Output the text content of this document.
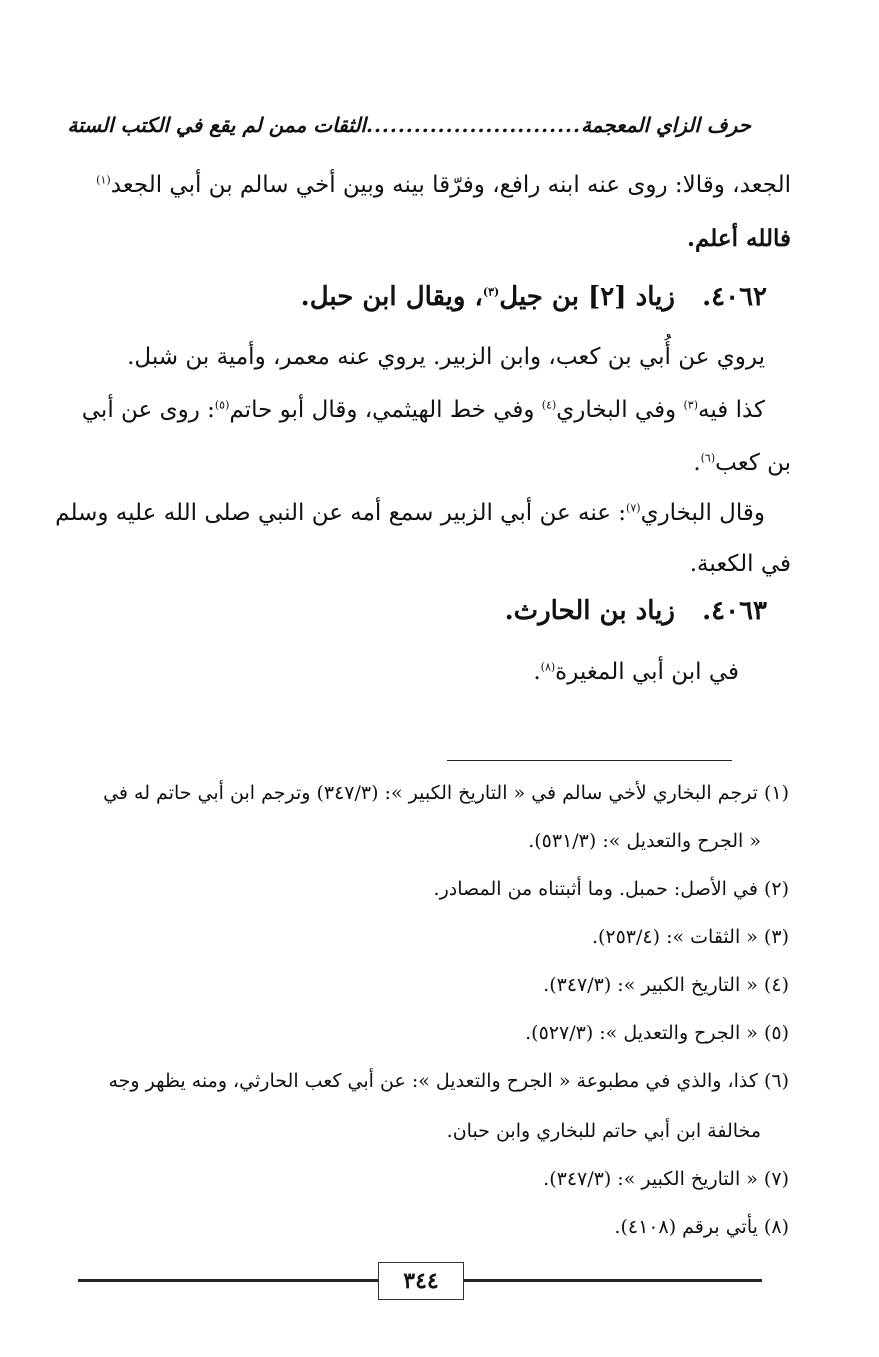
حرف الزاي المعجمة
...........................
الثقات ممن لم يقع في الكتب الستة
الجعد، وقالا: روى عنه ابنه رافع، وفرّقا بينه وبين أخي سالم بن أبي الجعد$^{(١)}$
فالله أعلم.
٤٠٦٢.   زياد [٢] بن جيل$^{(٣)}$، ويقال ابن حبل.
يروي عن أُبي بن كعب، وابن الزبير. يروي عنه معمر، وأمية بن شبل.
كذا فيه$^{(٣)}$ وفي البخاري$^{(٤)}$ وفي خط الهيثمي، وقال أبو حاتم$^{(٥)}$: روى عن أبي
بن كعب$^{(٦)}$.
وقال البخاري$^{(٧)}$: عنه عن أبي الزبير سمع أمه عن النبي صلى الله عليه وسلم
في الكعبة.
٤٠٦٣.   زياد بن الحارث.
في ابن أبي المغيرة$^{(٨)}$.
(١) ترجم البخاري لأخي سالم في « التاريخ الكبير »: (٣٤٧/٣) وترجم ابن أبي حاتم له في
« الجرح والتعديل »: (٥٣١/٣).
(٢) في الأصل: حمبل. وما أثبتناه من المصادر.
(٣) « الثقات »: (٢٥٣/٤).
(٤) « التاريخ الكبير »: (٣٤٧/٣).
(٥) « الجرح والتعديل »: (٥٢٧/٣).
(٦) كذا، والذي في مطبوعة « الجرح والتعديل »: عن أبي كعب الحارثي، ومنه يظهر وجه
مخالفة ابن أبي حاتم للبخاري وابن حبان.
(٧) « التاريخ الكبير »: (٣٤٧/٣).
(٨) يأتي برقم (٤١٠٨).
٣٤٤
